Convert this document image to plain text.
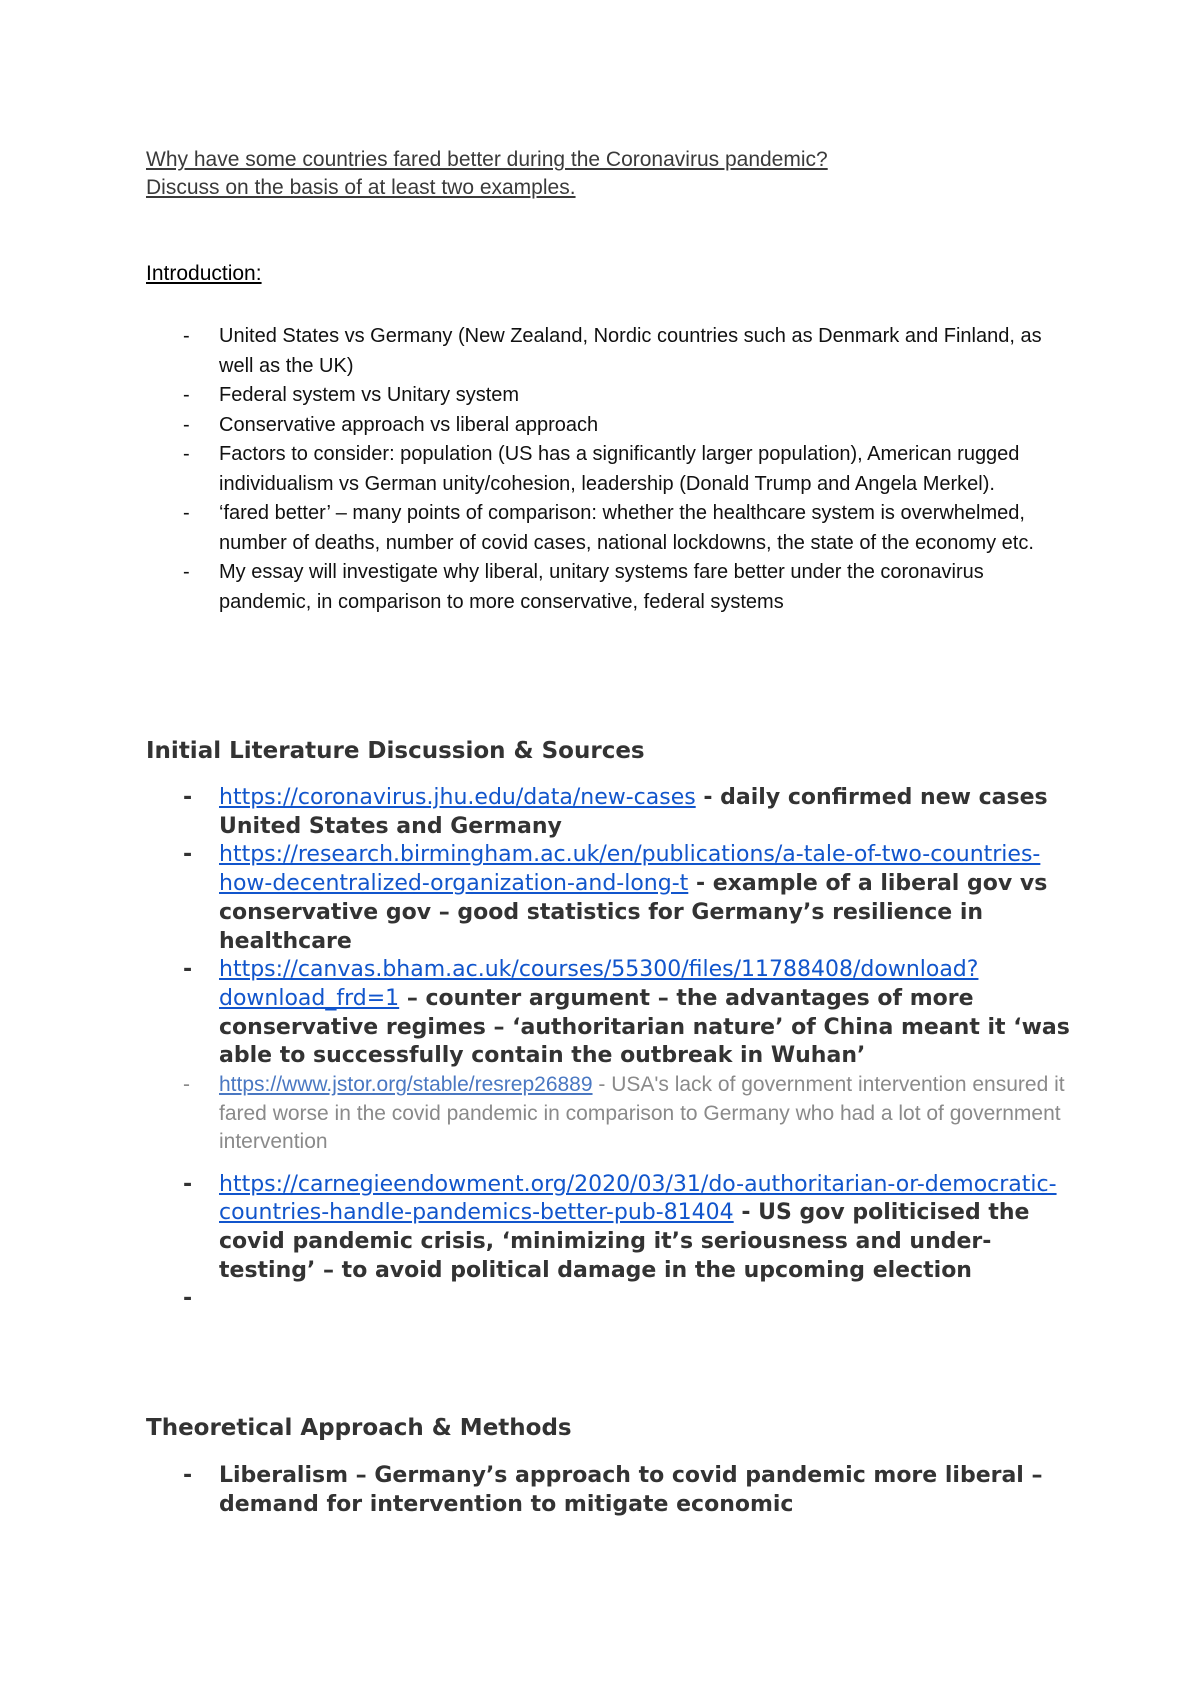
Why have some countries fared better during the Coronavirus pandemic?
Discuss on the basis of at least two examples.
Introduction:
- United States vs Germany (New Zealand, Nordic countries such as Denmark and Finland, as well as the UK)
- Federal system vs Unitary system
- Conservative approach vs liberal approach
- Factors to consider: population (US has a significantly larger population), American rugged individualism vs German unity/cohesion, leadership (Donald Trump and Angela Merkel).
- ‘fared better’ – many points of comparison: whether the healthcare system is overwhelmed, number of deaths, number of covid cases, national lockdowns, the state of the economy etc.
- My essay will investigate why liberal, unitary systems fare better under the coronavirus pandemic, in comparison to more conservative, federal systems
Initial Literature Discussion & Sources
- https://coronavirus.jhu.edu/data/new-cases - daily confirmed new cases United States and Germany
- https://research.birmingham.ac.uk/en/publications/a-tale-of-two-countries-how-decentralized-organization-and-long-t - example of a liberal gov vs conservative gov – good statistics for Germany’s resilience in healthcare
- https://canvas.bham.ac.uk/courses/55300/files/11788408/download?download_frd=1 – counter argument – the advantages of more conservative regimes – ‘authoritarian nature’ of China meant it ‘was able to successfully contain the outbreak in Wuhan’
- https://www.jstor.org/stable/resrep26889 - USA's lack of government intervention ensured it fared worse in the covid pandemic in comparison to Germany who had a lot of government intervention
- https://carnegieendowment.org/2020/03/31/do-authoritarian-or-democratic-countries-handle-pandemics-better-pub-81404 - US gov politicised the covid pandemic crisis, ‘minimizing it’s seriousness and under-testing’ – to avoid political damage in the upcoming election
-

Theoretical Approach & Methods
- Liberalism – Germany’s approach to covid pandemic more liberal – demand for intervention to mitigate economic
